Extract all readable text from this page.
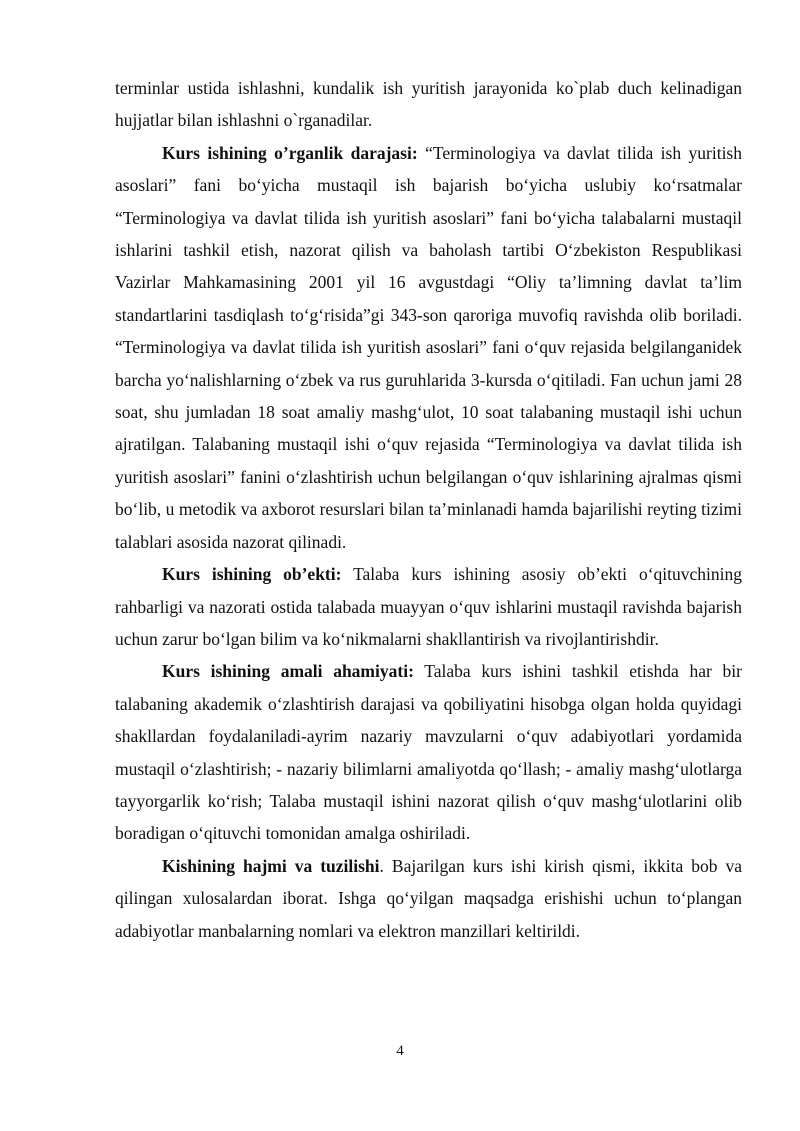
terminlar ustida ishlashni, kundalik ish yuritish jarayonida ko`plab duch kelinadigan hujjatlar bilan ishlashni o`rganadilar.

Kurs ishining o’rganlik darajasi: “Terminologiya va davlat tilida ish yuritish asoslari” fani bo‘yicha mustaqil ish bajarish bo‘yicha uslubiy ko‘rsatmalar “Terminologiya va davlat tilida ish yuritish asoslari” fani bo‘yicha talabalarni mustaqil ishlarini tashkil etish, nazorat qilish va baholash tartibi O‘zbekiston Respublikasi Vazirlar Mahkamasining 2001 yil 16 avgustdagi “Oliy ta’limning davlat ta’lim standartlarini tasdiqlash to‘g‘risida”gi 343-son qaroriga muvofiq ravishda olib boriladi. “Terminologiya va davlat tilida ish yuritish asoslari” fani o‘quv rejasida belgilanganidek barcha yo‘nalishlarning o‘zbek va rus guruhlarida 3-kursda o‘qitiladi. Fan uchun jami 28 soat, shu jumladan 18 soat amaliy mashg‘ulot, 10 soat talabaning mustaqil ishi uchun ajratilgan. Talabaning mustaqil ishi o‘quv rejasida “Terminologiya va davlat tilida ish yuritish asoslari” fanini o‘zlashtirish uchun belgilangan o‘quv ishlarining ajralmas qismi bo‘lib, u metodik va axborot resurslari bilan ta’minlanadi hamda bajarilishi reyting tizimi talablari asosida nazorat qilinadi.

Kurs ishining ob’ekti: Talaba kurs ishining asosiy ob’ekti o‘qituvchining rahbarligi va nazorati ostida talabada muayyan o‘quv ishlarini mustaqil ravishda bajarish uchun zarur bo‘lgan bilim va ko‘nikmalarni shakllantirish va rivojlantirishdir.

Kurs ishining amali ahamiyati: Talaba kurs ishini tashkil etishda har bir talabaning akademik o‘zlashtirish darajasi va qobiliyatini hisobga olgan holda quyidagi shakllardan foydalaniladi-ayrim nazariy mavzularni o‘quv adabiyotlari yordamida mustaqil o‘zlashtirish; - nazariy bilimlarni amaliyotda qo‘llash; - amaliy mashg‘ulotlarga tayyorgarlik ko‘rish; Talaba mustaqil ishini nazorat qilish o‘quv mashg‘ulotlarini olib boradigan o‘qituvchi tomonidan amalga oshiriladi.

Kishining hajmi va tuzilishi. Bajarilgan kurs ishi kirish qismi, ikkita bob va qilingan xulosalardan iborat. Ishga qo‘yilgan maqsadga erishishi uchun to‘plangan adabiyotlar manbalarning nomlari va elektron manzillari keltirildi.

4
